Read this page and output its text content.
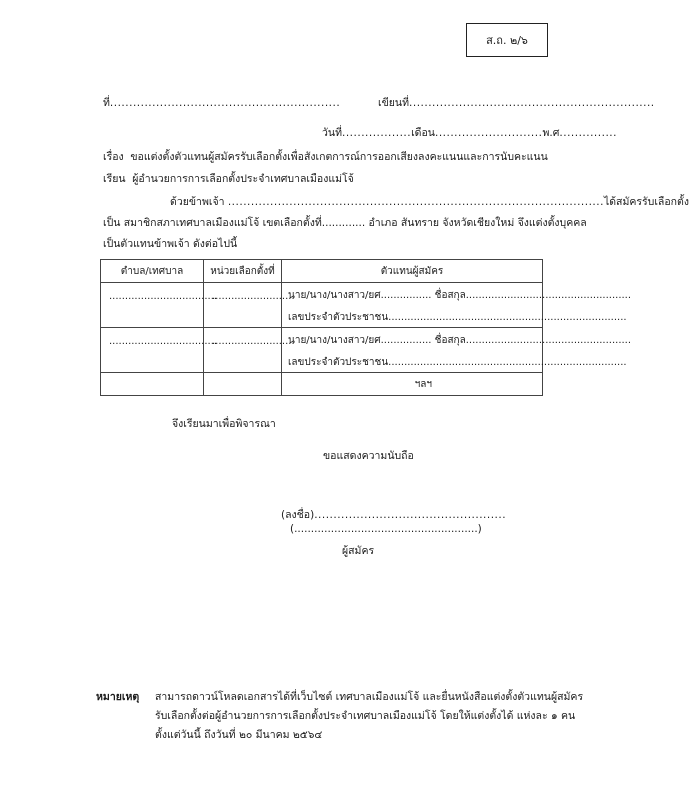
ส.ถ. ๒/๖
ที่............................................................	เขียนที่................................................................
วันที่..................เดือน............................พ.ศ...............
เรื่อง ขอแต่งตั้งตัวแทนผู้สมัครรับเลือกตั้งเพื่อสังเกตการณ์การออกเสียงลงคะแนนและการนับคะแนน
เรียน ผู้อำนวยการการเลือกตั้งประจำเทศบาลเมืองแม่โจ้
ด้วยข้าพเจ้า ..................................................................................................ได้สมัครรับเลือกตั้ง
เป็น สมาชิกสภาเทศบาลเมืองแม่โจ้ เขตเลือกตั้งที่............. อำเภอ สันทราย จังหวัดเชียงใหม่ จึงแต่งตั้งบุคคล
เป็นตัวแทนข้าพเจ้า ดังต่อไปนี้
ตำบล/เทศบาล	หน่วยเลือกตั้งที่	ตัวแทนผู้สมัคร

..................................	..........................	นาย/นาง/นางสาว/ยศ................ ชื่อสกุล....................................................
เลขประจำตัวประชาชน...........................................................................

..................................	..........................	นาย/นาง/นางสาว/ยศ................ ชื่อสกุล....................................................
เลขประจำตัวประชาชน...........................................................................

		ฯลฯ
จึงเรียนมาเพื่อพิจารณา
ขอแสดงความนับถือ
(ลงชื่อ)..................................................
(.......................................................)
ผู้สมัคร
หมายเหตุ สามารถดาวน์โหลดเอกสารได้ที่เว็บไซต์ เทศบาลเมืองแม่โจ้ และยื่นหนังสือแต่งตั้งตัวแทนผู้สมัคร
รับเลือกตั้งต่อผู้อำนวยการการเลือกตั้งประจำเทศบาลเมืองแม่โจ้ โดยให้แต่งตั้งได้ แห่งละ ๑ คน
ตั้งแต่วันนี้ ถึงวันที่ ๒๐ มีนาคม ๒๕๖๔
